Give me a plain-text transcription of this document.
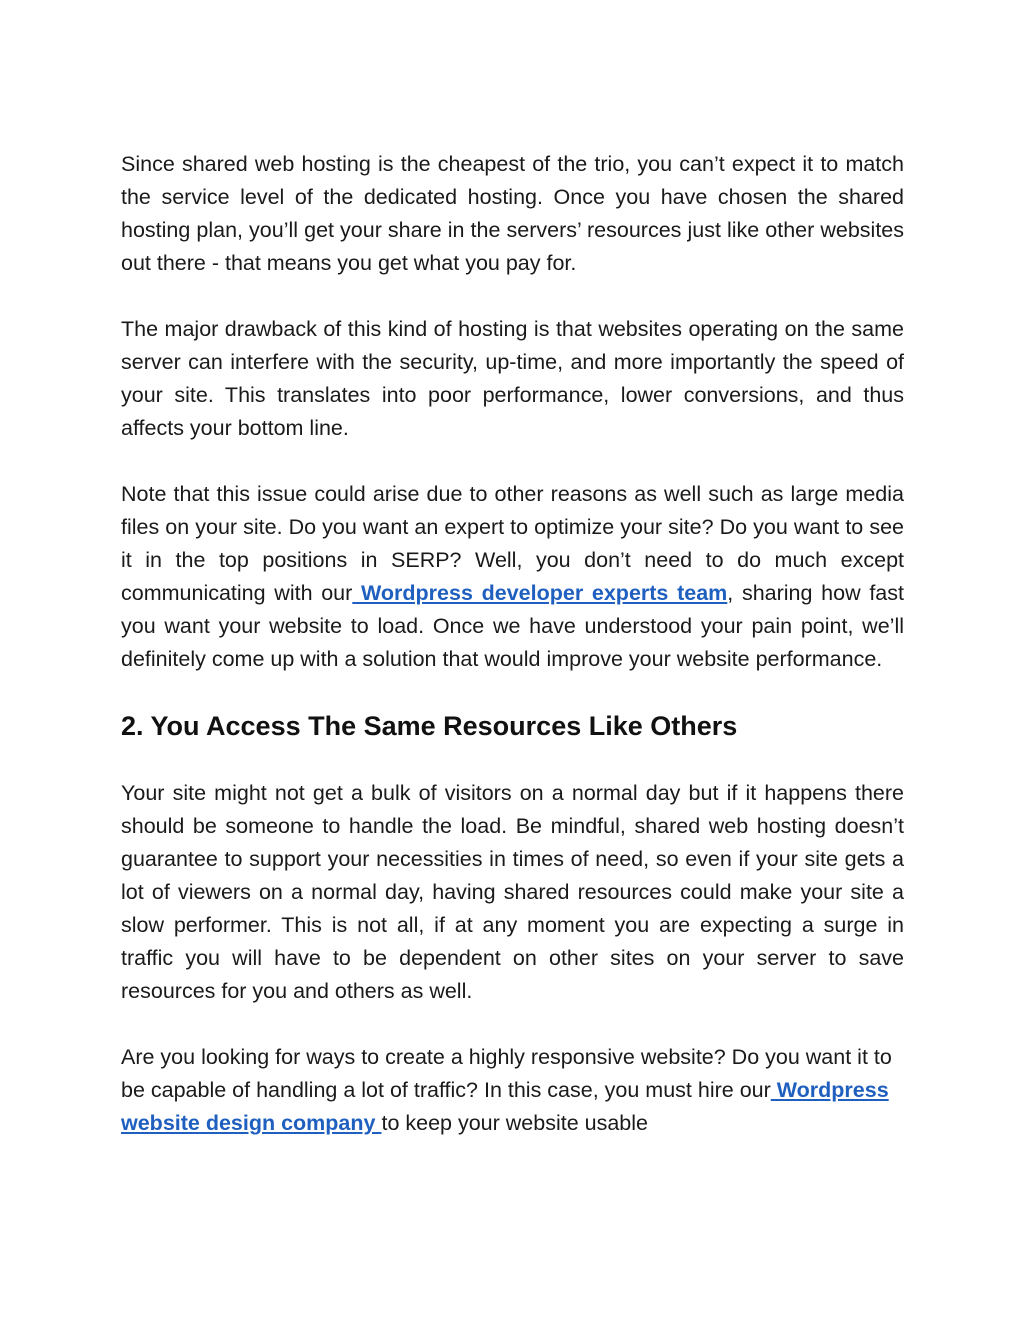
Since shared web hosting is the cheapest of the trio, you can’t expect it to match the service level of the dedicated hosting. Once you have chosen the shared hosting plan, you’ll get your share in the servers’ resources just like other websites out there - that means you get what you pay for.

The major drawback of this kind of hosting is that websites operating on the same server can interfere with the security, up-time, and more importantly the speed of your site. This translates into poor performance, lower conversions, and thus affects your bottom line.

Note that this issue could arise due to other reasons as well such as large media files on your site. Do you want an expert to optimize your site? Do you want to see it in the top positions in SERP? Well, you don’t need to do much except communicating with our Wordpress developer experts team, sharing how fast you want your website to load. Once we have understood your pain point, we’ll definitely come up with a solution that would improve your website performance.

2. You Access The Same Resources Like Others

Your site might not get a bulk of visitors on a normal day but if it happens there should be someone to handle the load. Be mindful, shared web hosting doesn’t guarantee to support your necessities in times of need, so even if your site gets a lot of viewers on a normal day, having shared resources could make your site a slow performer. This is not all, if at any moment you are expecting a surge in traffic you will have to be dependent on other sites on your server to save resources for you and others as well.

Are you looking for ways to create a highly responsive website? Do you want it to be capable of handling a lot of traffic? In this case, you must hire our Wordpress website design company to keep your website usable
